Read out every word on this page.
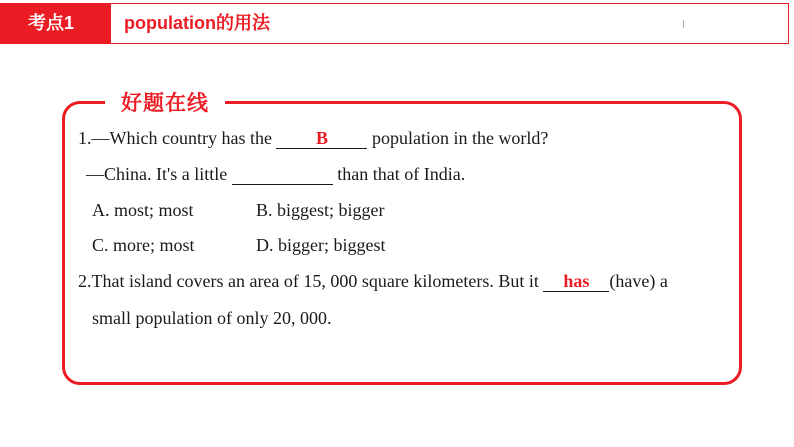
考点1	population的用法
好题在线
1.—Which country has the B population in the world?
—China. It's a little	than that of India.
A. most; most	B. biggest; bigger
C. more; most	D. bigger; biggest
2.That island covers an area of 15, 000 square kilometers. But it has (have) a
small population of only 20, 000.
